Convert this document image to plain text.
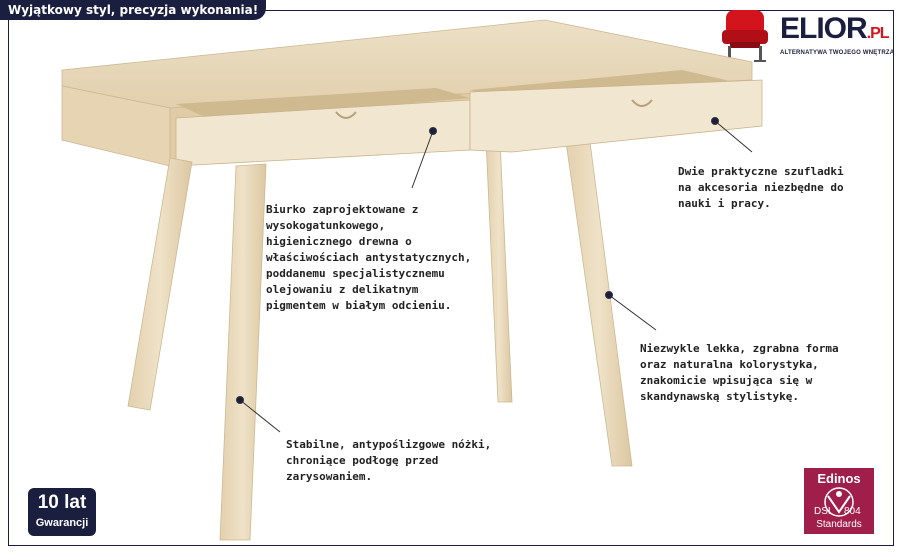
Wyjątkowy styl, precyzja wykonania!
ELIOR.PL
ALTERNATYWA TWOJEGO WNĘTRZA
Biurko zaprojektowane z
wysokogatunkowego,
higienicznego drewna o
właściwościach antystatycznych,
poddanemu specjalistycznemu
olejowaniu z delikatnym
pigmentem w białym odcieniu.
Dwie praktyczne szufladki
na akcesoria niezbędne do
nauki i pracy.
Niezwykle lekka, zgrabna forma
oraz naturalna kolorystyka,
znakomicie wpisująca się w
skandynawską stylistykę.
Stabilne, antypoślizgowe nóżki,
chroniące podłogę przed
zarysowaniem.
10 lat
Gwarancji
Edinos
DSI 804
Standards
